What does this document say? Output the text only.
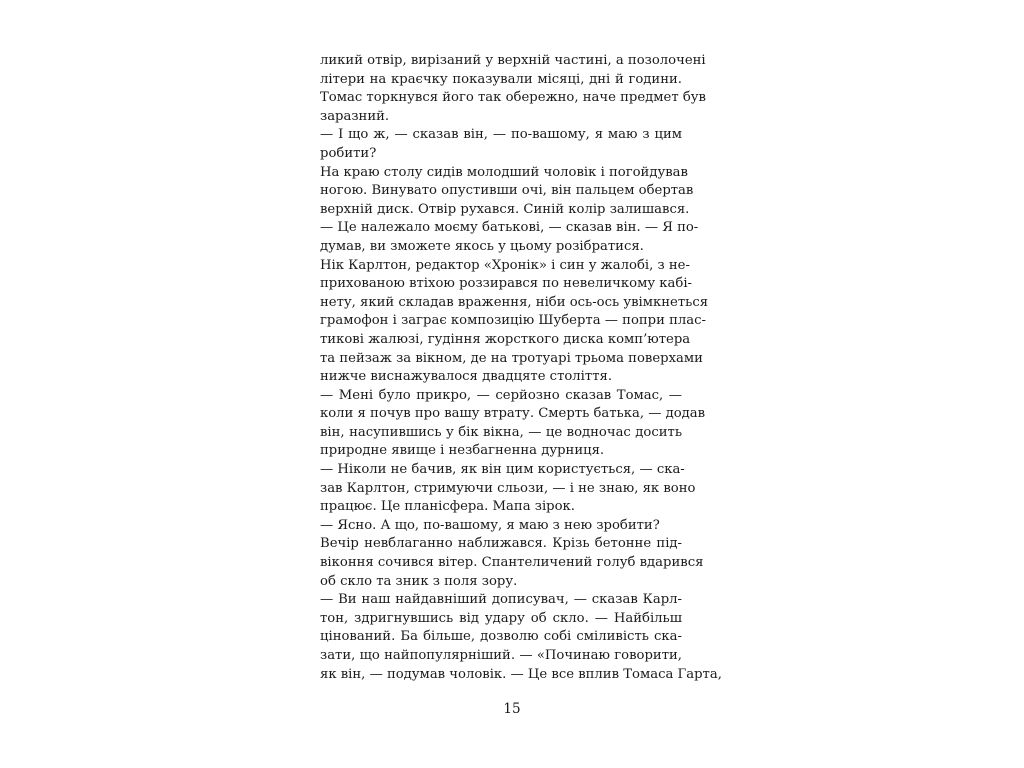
ликий отвір, вирізаний у верхній частині, а позолочені
літери на краєчку показували місяці, дні й години.
Томас торкнувся його так обережно, наче предмет був
заразний.
— І що ж, — сказав він, — по-вашому, я маю з цим
робити?
На краю столу сидів молодший чоловік і погойдував
ногою. Винувато опустивши очі, він пальцем обертав
верхній диск. Отвір рухався. Синій колір залишався.
— Це належало моєму батькові, — сказав він. — Я по-
думав, ви зможете якось у цьому розібратися.
Нік Карлтон, редактор «Хронік» і син у жалобі, з не-
прихованою втіхою роззирався по невеличкому кабі-
нету, який складав враження, ніби ось-ось увімкнеться
грамофон і заграє композицію Шуберта — попри плас-
тикові жалюзі, гудіння жорсткого диска комп’ютера
та пейзаж за вікном, де на тротуарі трьома поверхами
нижче виснажувалося двадцяте століття.
— Мені було прикро, — серйозно сказав Томас, —
коли я почув про вашу втрату. Смерть батька, — додав
він, насупившись у бік вікна, — це водночас досить
природне явище і незбагненна дурниця.
— Ніколи не бачив, як він цим користується, — ска-
зав Карлтон, стримуючи сльози, — і не знаю, як воно
працює. Це планісфера. Мапа зірок.
— Ясно. А що, по-вашому, я маю з нею зробити?
Вечір невблаганно наближався. Крізь бетонне під-
віконня сочився вітер. Спантеличений голуб вдарився
об скло та зник з поля зору.
— Ви наш найдавніший дописувач, — сказав Карл-
тон, здригнувшись від удару об скло. — Найбільш
цінований. Ба більше, дозволю собі сміливість ска-
зати, що найпопулярніший. — «Починаю говорити,
як він, — подумав чоловік. — Це все вплив Томаса Гарта,
15
